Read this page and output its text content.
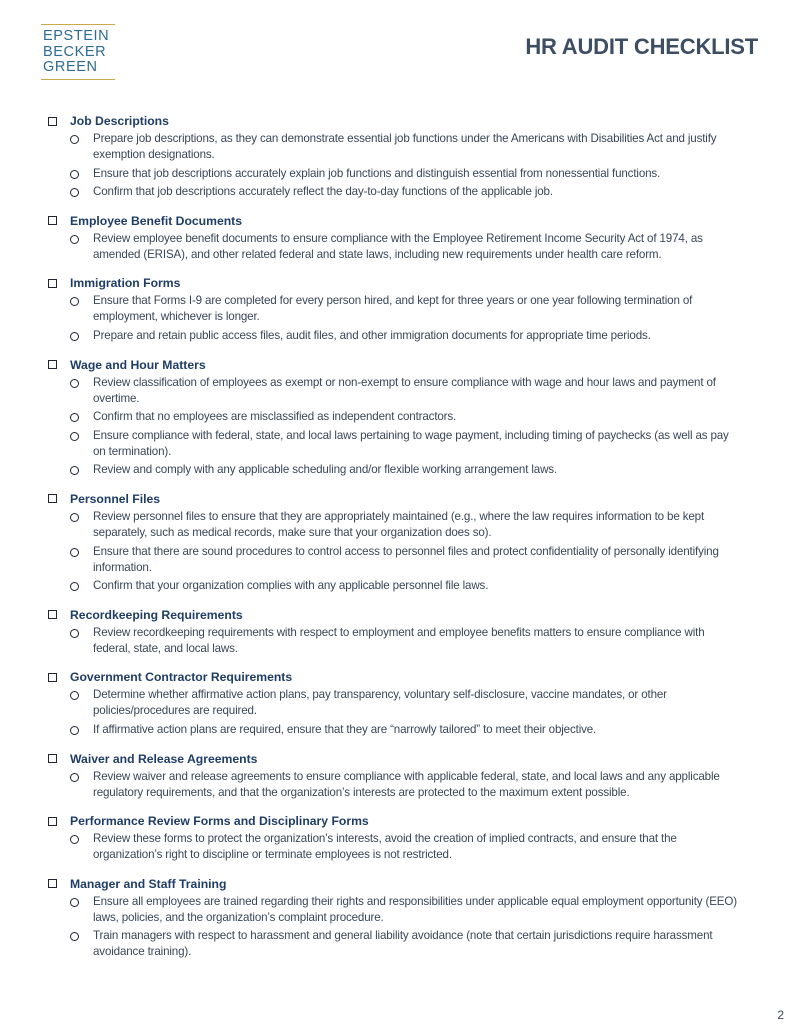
EPSTEIN
BECKER
GREEN
HR AUDIT CHECKLIST
Job Descriptions
Prepare job descriptions, as they can demonstrate essential job functions under the Americans with Disabilities Act and justify exemption designations.
Ensure that job descriptions accurately explain job functions and distinguish essential from nonessential functions.
Confirm that job descriptions accurately reflect the day-to-day functions of the applicable job.
Employee Benefit Documents
Review employee benefit documents to ensure compliance with the Employee Retirement Income Security Act of 1974, as amended (ERISA), and other related federal and state laws, including new requirements under health care reform.
Immigration Forms
Ensure that Forms I-9 are completed for every person hired, and kept for three years or one year following termination of employment, whichever is longer.
Prepare and retain public access files, audit files, and other immigration documents for appropriate time periods.
Wage and Hour Matters
Review classification of employees as exempt or non-exempt to ensure compliance with wage and hour laws and payment of overtime.
Confirm that no employees are misclassified as independent contractors.
Ensure compliance with federal, state, and local laws pertaining to wage payment, including timing of paychecks (as well as pay on termination).
Review and comply with any applicable scheduling and/or flexible working arrangement laws.
Personnel Files
Review personnel files to ensure that they are appropriately maintained (e.g., where the law requires information to be kept separately, such as medical records, make sure that your organization does so).
Ensure that there are sound procedures to control access to personnel files and protect confidentiality of personally identifying information.
Confirm that your organization complies with any applicable personnel file laws.
Recordkeeping Requirements
Review recordkeeping requirements with respect to employment and employee benefits matters to ensure compliance with federal, state, and local laws.
Government Contractor Requirements
Determine whether affirmative action plans, pay transparency, voluntary self-disclosure, vaccine mandates, or other policies/procedures are required.
If affirmative action plans are required, ensure that they are “narrowly tailored” to meet their objective.
Waiver and Release Agreements
Review waiver and release agreements to ensure compliance with applicable federal, state, and local laws and any applicable regulatory requirements, and that the organization’s interests are protected to the maximum extent possible.
Performance Review Forms and Disciplinary Forms
Review these forms to protect the organization’s interests, avoid the creation of implied contracts, and ensure that the organization’s right to discipline or terminate employees is not restricted.
Manager and Staff Training
Ensure all employees are trained regarding their rights and responsibilities under applicable equal employment opportunity (EEO) laws, policies, and the organization’s complaint procedure.
Train managers with respect to harassment and general liability avoidance (note that certain jurisdictions require harassment avoidance training).
2
